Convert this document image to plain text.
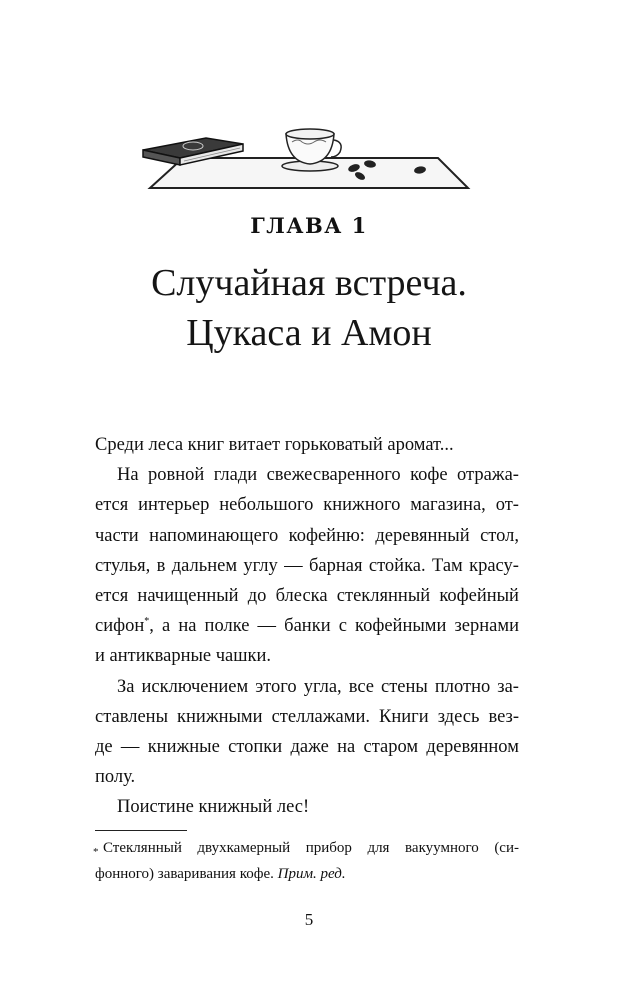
ГЛАВА 1
Случайная встреча.
Цукаса и Амон
Среди леса книг витает горьковатый аромат...
На ровной глади свежесваренного кофе отража-
ется интерьер небольшого книжного магазина, от-
части напоминающего кофейню: деревянный стол,
стулья, в дальнем углу — барная стойка. Там красу-
ется начищенный до блеска стеклянный кофейный
сифон*, а на полке — банки с кофейными зернами
и антикварные чашки.
За исключением этого угла, все стены плотно за-
ставлены книжными стеллажами. Книги здесь вез-
де — книжные стопки даже на старом деревянном
полу.
Поистине книжный лес!
* Стеклянный двухкамерный прибор для вакуумного (си-
фонного) заваривания кофе. Прим. ред.
5
